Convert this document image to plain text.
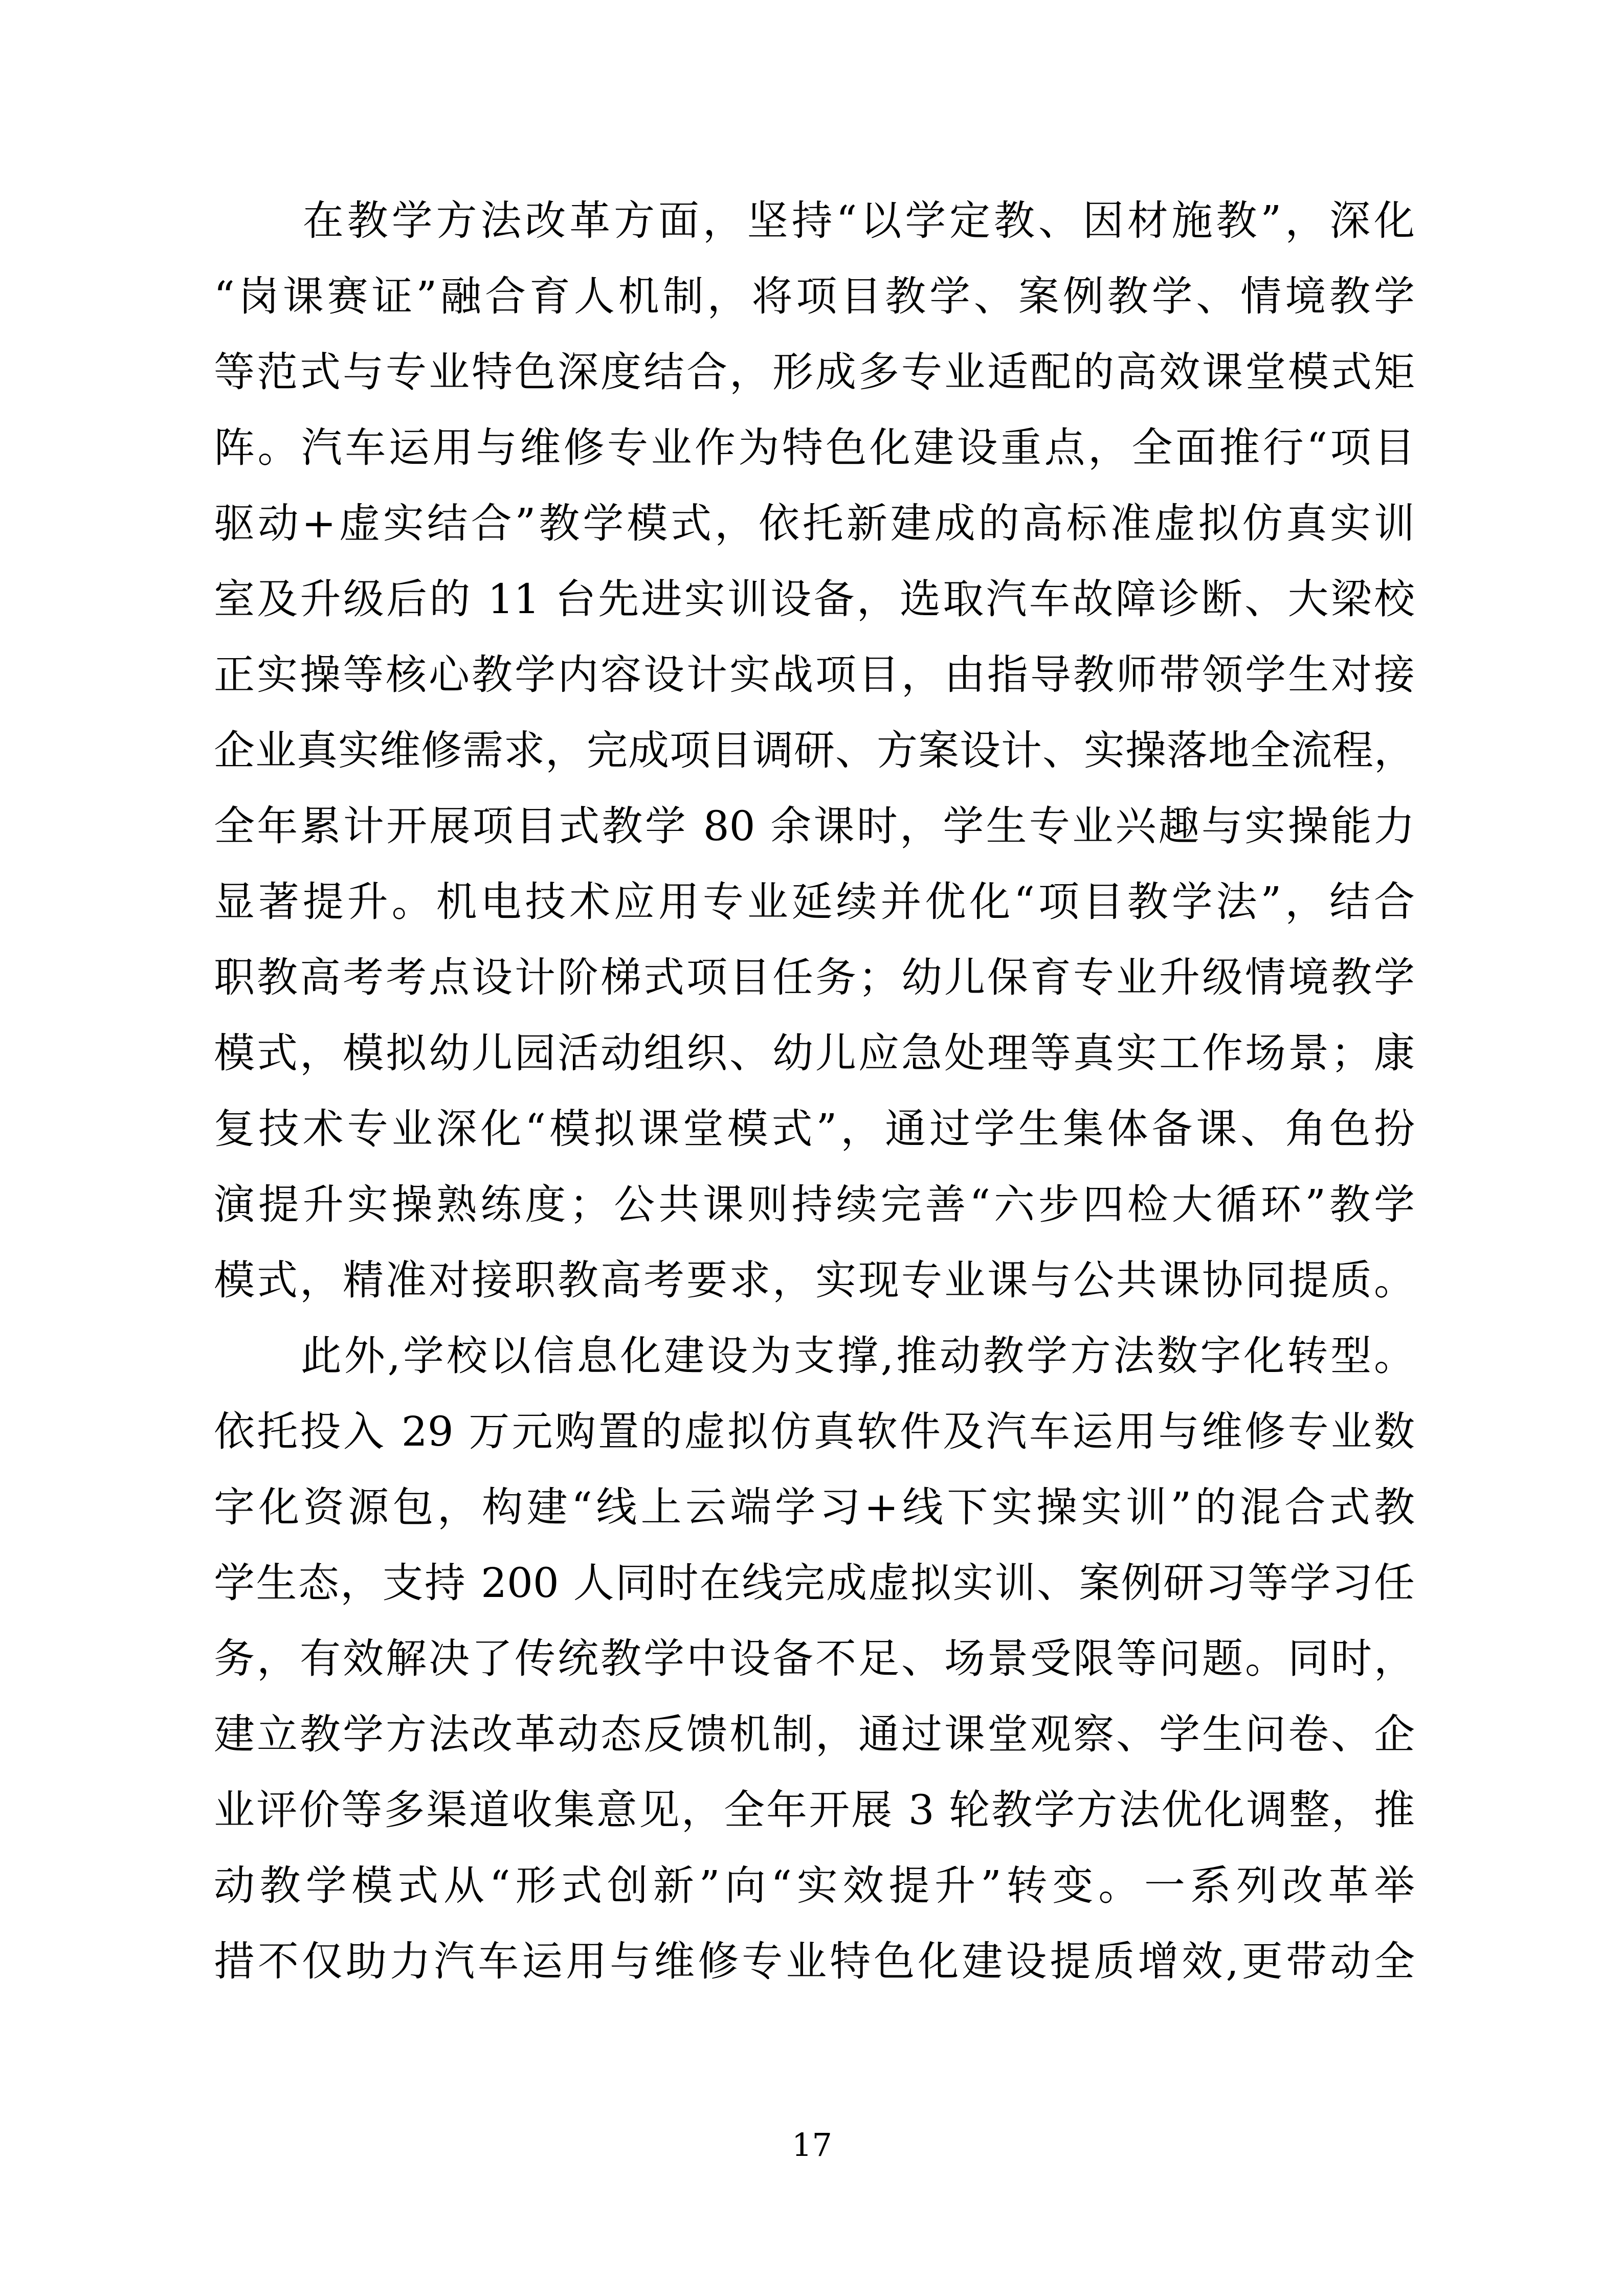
　　在教学方法改革方面，坚持“以学定教、因材施教”，深化
“岗课赛证”融合育人机制，将项目教学、案例教学、情境教学
等范式与专业特色深度结合，形成多专业适配的高效课堂模式矩
阵。汽车运用与维修专业作为特色化建设重点，全面推行“项目
驱动+虚实结合”教学模式，依托新建成的高标准虚拟仿真实训
室及升级后的 11 台先进实训设备，选取汽车故障诊断、大梁校
正实操等核心教学内容设计实战项目，由指导教师带领学生对接
企业真实维修需求，完成项目调研、方案设计、实操落地全流程，
全年累计开展项目式教学 80 余课时，学生专业兴趣与实操能力
显著提升。机电技术应用专业延续并优化“项目教学法”，结合
职教高考考点设计阶梯式项目任务；幼儿保育专业升级情境教学
模式，模拟幼儿园活动组织、幼儿应急处理等真实工作场景；康
复技术专业深化“模拟课堂模式”，通过学生集体备课、角色扮
演提升实操熟练度；公共课则持续完善“六步四检大循环”教学
模式，精准对接职教高考要求，实现专业课与公共课协同提质。
　　此外,学校以信息化建设为支撑,推动教学方法数字化转型。
依托投入 29 万元购置的虚拟仿真软件及汽车运用与维修专业数
字化资源包，构建“线上云端学习+线下实操实训”的混合式教
学生态，支持 200 人同时在线完成虚拟实训、案例研习等学习任
务，有效解决了传统教学中设备不足、场景受限等问题。同时，
建立教学方法改革动态反馈机制，通过课堂观察、学生问卷、企
业评价等多渠道收集意见，全年开展 3 轮教学方法优化调整，推
动教学模式从“形式创新”向“实效提升”转变。一系列改革举
措不仅助力汽车运用与维修专业特色化建设提质增效,更带动全
17
